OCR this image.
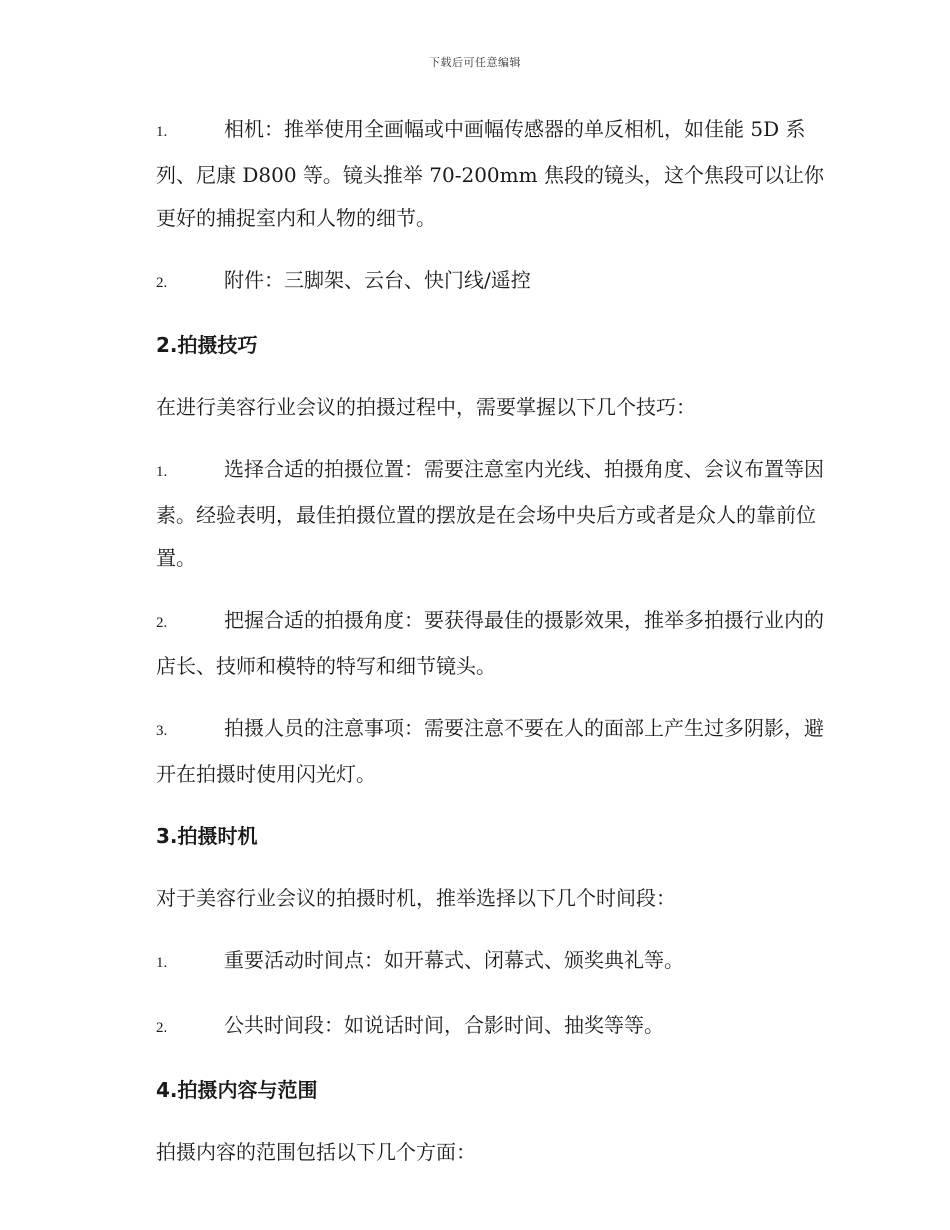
下载后可任意编辑
1.	相机：推举使用全画幅或中画幅传感器的单反相机，如佳能 5D 系列、尼康 D800 等。镜头推举 70-200mm 焦段的镜头，这个焦段可以让你更好的捕捉室内和人物的细节。
2.	附件：三脚架、云台、快门线/遥控
2.拍摄技巧
在进行美容行业会议的拍摄过程中，需要掌握以下几个技巧：
1.	选择合适的拍摄位置：需要注意室内光线、拍摄角度、会议布置等因素。经验表明，最佳拍摄位置的摆放是在会场中央后方或者是众人的靠前位置。
2.	把握合适的拍摄角度：要获得最佳的摄影效果，推举多拍摄行业内的店长、技师和模特的特写和细节镜头。
3.	拍摄人员的注意事项：需要注意不要在人的面部上产生过多阴影，避开在拍摄时使用闪光灯。
3.拍摄时机
对于美容行业会议的拍摄时机，推举选择以下几个时间段：
1.	重要活动时间点：如开幕式、闭幕式、颁奖典礼等。
2.	公共时间段：如说话时间，合影时间、抽奖等等。
4.拍摄内容与范围
拍摄内容的范围包括以下几个方面：
